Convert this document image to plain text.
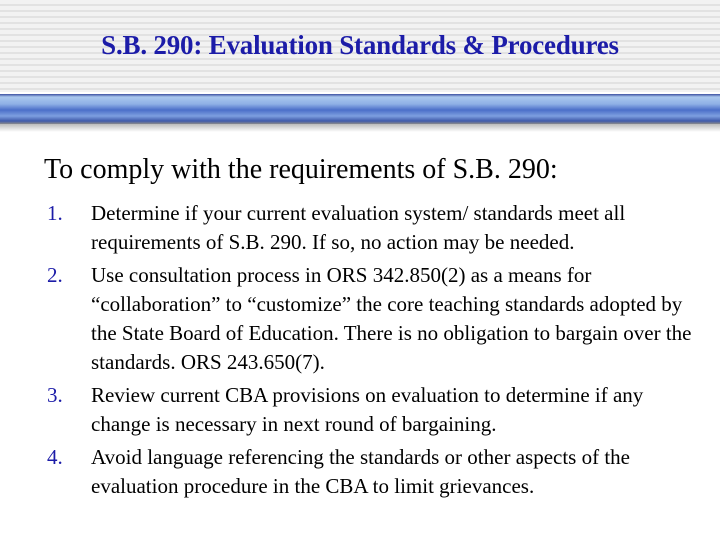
S.B. 290: Evaluation Standards & Procedures
To comply with the requirements of S.B. 290:
1. Determine if your current evaluation system/ standards meet all requirements of S.B. 290. If so, no action may be needed.
2. Use consultation process in ORS 342.850(2) as a means for “collaboration” to “customize” the core teaching standards adopted by the State Board of Education. There is no obligation to bargain over the standards. ORS 243.650(7).
3. Review current CBA provisions on evaluation to determine if any change is necessary in next round of bargaining.
4. Avoid language referencing the standards or other aspects of the evaluation procedure in the CBA to limit grievances.
